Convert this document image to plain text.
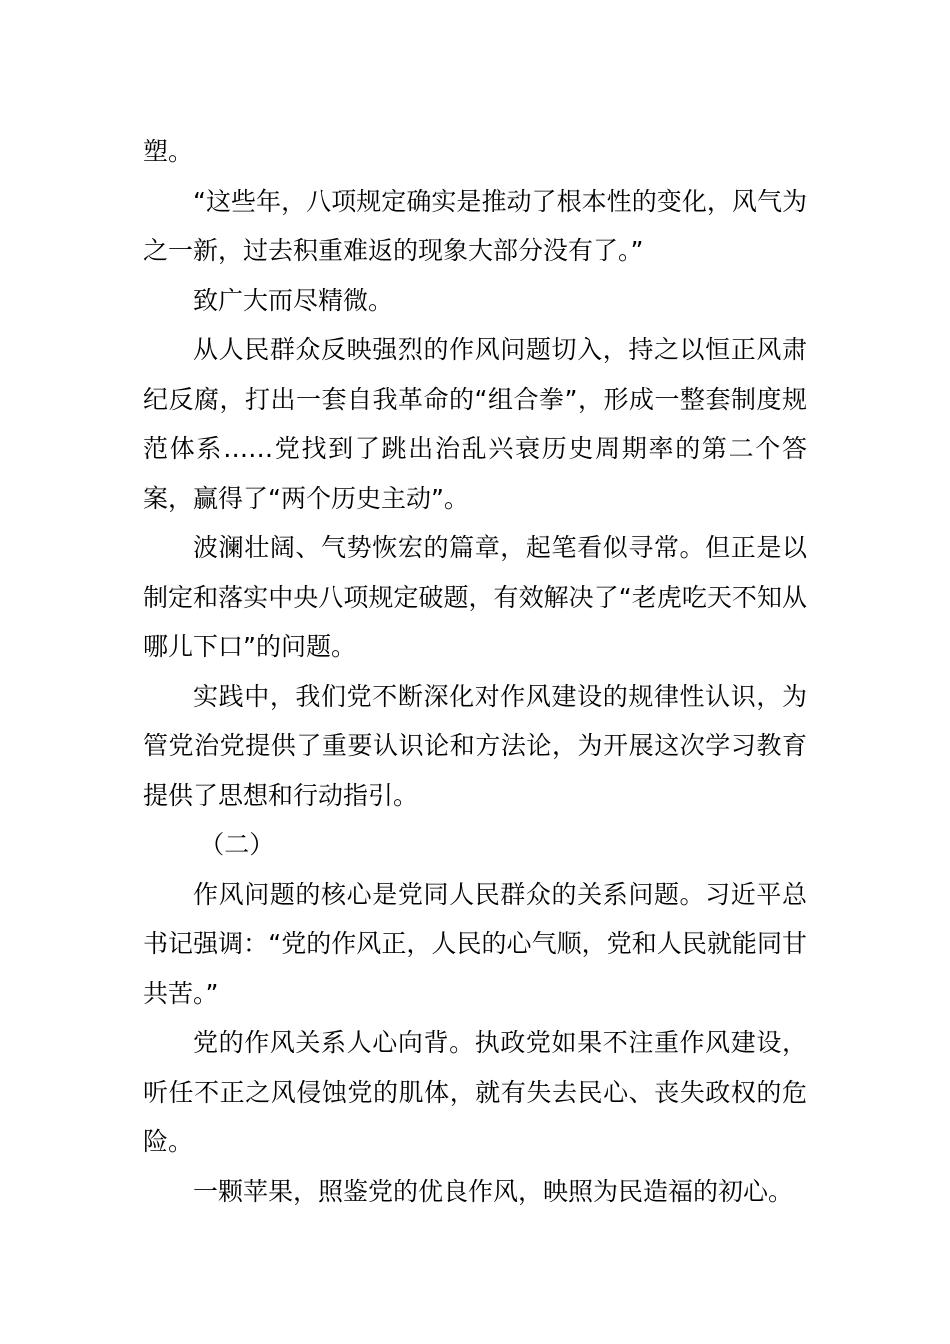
塑。

“这些年，八项规定确实是推动了根本性的变化，风气为之一新，过去积重难返的现象大部分没有了。”

致广大而尽精微。

从人民群众反映强烈的作风问题切入，持之以恒正风肃纪反腐，打出一套自我革命的“组合拳”，形成一整套制度规范体系……党找到了跳出治乱兴衰历史周期率的第二个答案，赢得了“两个历史主动”。

波澜壮阔、气势恢宏的篇章，起笔看似寻常。但正是以制定和落实中央八项规定破题，有效解决了“老虎吃天不知从哪儿下口”的问题。

实践中，我们党不断深化对作风建设的规律性认识，为管党治党提供了重要认识论和方法论，为开展这次学习教育提供了思想和行动指引。

（二）

作风问题的核心是党同人民群众的关系问题。习近平总书记强调：“党的作风正，人民的心气顺，党和人民就能同甘共苦。”

党的作风关系人心向背。执政党如果不注重作风建设，听任不正之风侵蚀党的肌体，就有失去民心、丧失政权的危险。

一颗苹果，照鉴党的优良作风，映照为民造福的初心。
